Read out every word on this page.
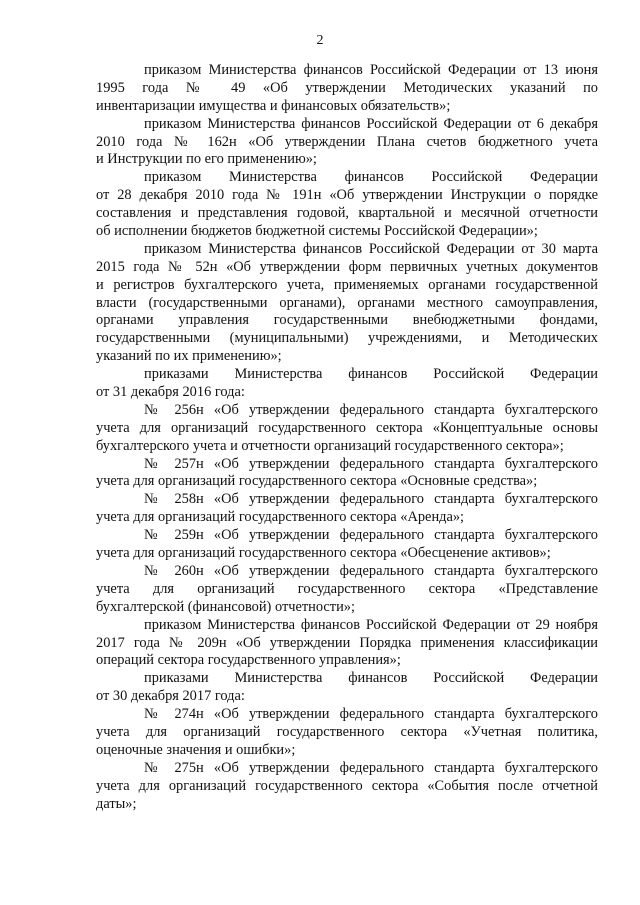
2
приказом Министерства финансов Российской Федерации от 13 июня
1995 года № 49 «Об утверждении Методических указаний по
инвентаризации имущества и финансовых обязательств»;
приказом Министерства финансов Российской Федерации от 6 декабря
2010 года № 162н «Об утверждении Плана счетов бюджетного учета
и Инструкции по его применению»;
приказом Министерства финансов Российской Федерации
от 28 декабря 2010 года № 191н «Об утверждении Инструкции о порядке
составления и представления годовой, квартальной и месячной отчетности
об исполнении бюджетов бюджетной системы Российской Федерации»;
приказом Министерства финансов Российской Федерации от 30 марта
2015 года № 52н «Об утверждении форм первичных учетных документов
и регистров бухгалтерского учета, применяемых органами государственной
власти (государственными органами), органами местного самоуправления,
органами управления государственными внебюджетными фондами,
государственными (муниципальными) учреждениями, и Методических
указаний по их применению»;
приказами Министерства финансов Российской Федерации
от 31 декабря 2016 года:
№ 256н «Об утверждении федерального стандарта бухгалтерского
учета для организаций государственного сектора «Концептуальные основы
бухгалтерского учета и отчетности организаций государственного сектора»;
№ 257н «Об утверждении федерального стандарта бухгалтерского
учета для организаций государственного сектора «Основные средства»;
№ 258н «Об утверждении федерального стандарта бухгалтерского
учета для организаций государственного сектора «Аренда»;
№ 259н «Об утверждении федерального стандарта бухгалтерского
учета для организаций государственного сектора «Обесценение активов»;
№ 260н «Об утверждении федерального стандарта бухгалтерского
учета для организаций государственного сектора «Представление
бухгалтерской (финансовой) отчетности»;
приказом Министерства финансов Российской Федерации от 29 ноября
2017 года № 209н «Об утверждении Порядка применения классификации
операций сектора государственного управления»;
приказами Министерства финансов Российской Федерации
от 30 декабря 2017 года:
№ 274н «Об утверждении федерального стандарта бухгалтерского
учета для организаций государственного сектора «Учетная политика,
оценочные значения и ошибки»;
№ 275н «Об утверждении федерального стандарта бухгалтерского
учета для организаций государственного сектора «События после отчетной
даты»;
